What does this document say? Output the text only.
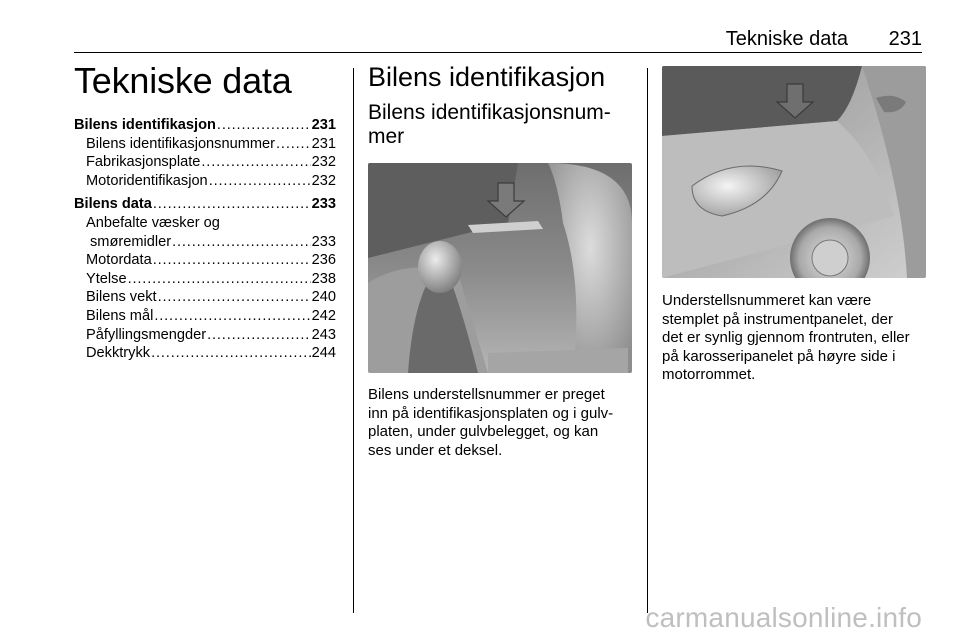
Tekniske data 231
Tekniske data
Bilens identifikasjon . . .	231
Bilens identifikasjonsnummer . . .	231
Fabrikasjonsplate . . .	232
Motoridentifikasjon . . .	232
Bilens data . . .	233
Anbefalte væsker og
smøremidler . . .	233
Motordata . . .	236
Ytelse . . .	238
Bilens vekt . . .	240
Bilens mål . . .	242
Påfyllingsmengder . . .	243
Dekktrykk . . .	244
Bilens identifikasjon
Bilens identifikasjonsnum-
mer
Bilens understellsnummer er preget
inn på identifikasjonsplaten og i gulv-
platen, under gulvbelegget, og kan
ses under et deksel.
Understellsnummeret kan være
stemplet på instrumentpanelet, der
det er synlig gjennom frontruten, eller
på karosseripanelet på høyre side i
motorrommet.
carmanualsonline.info
